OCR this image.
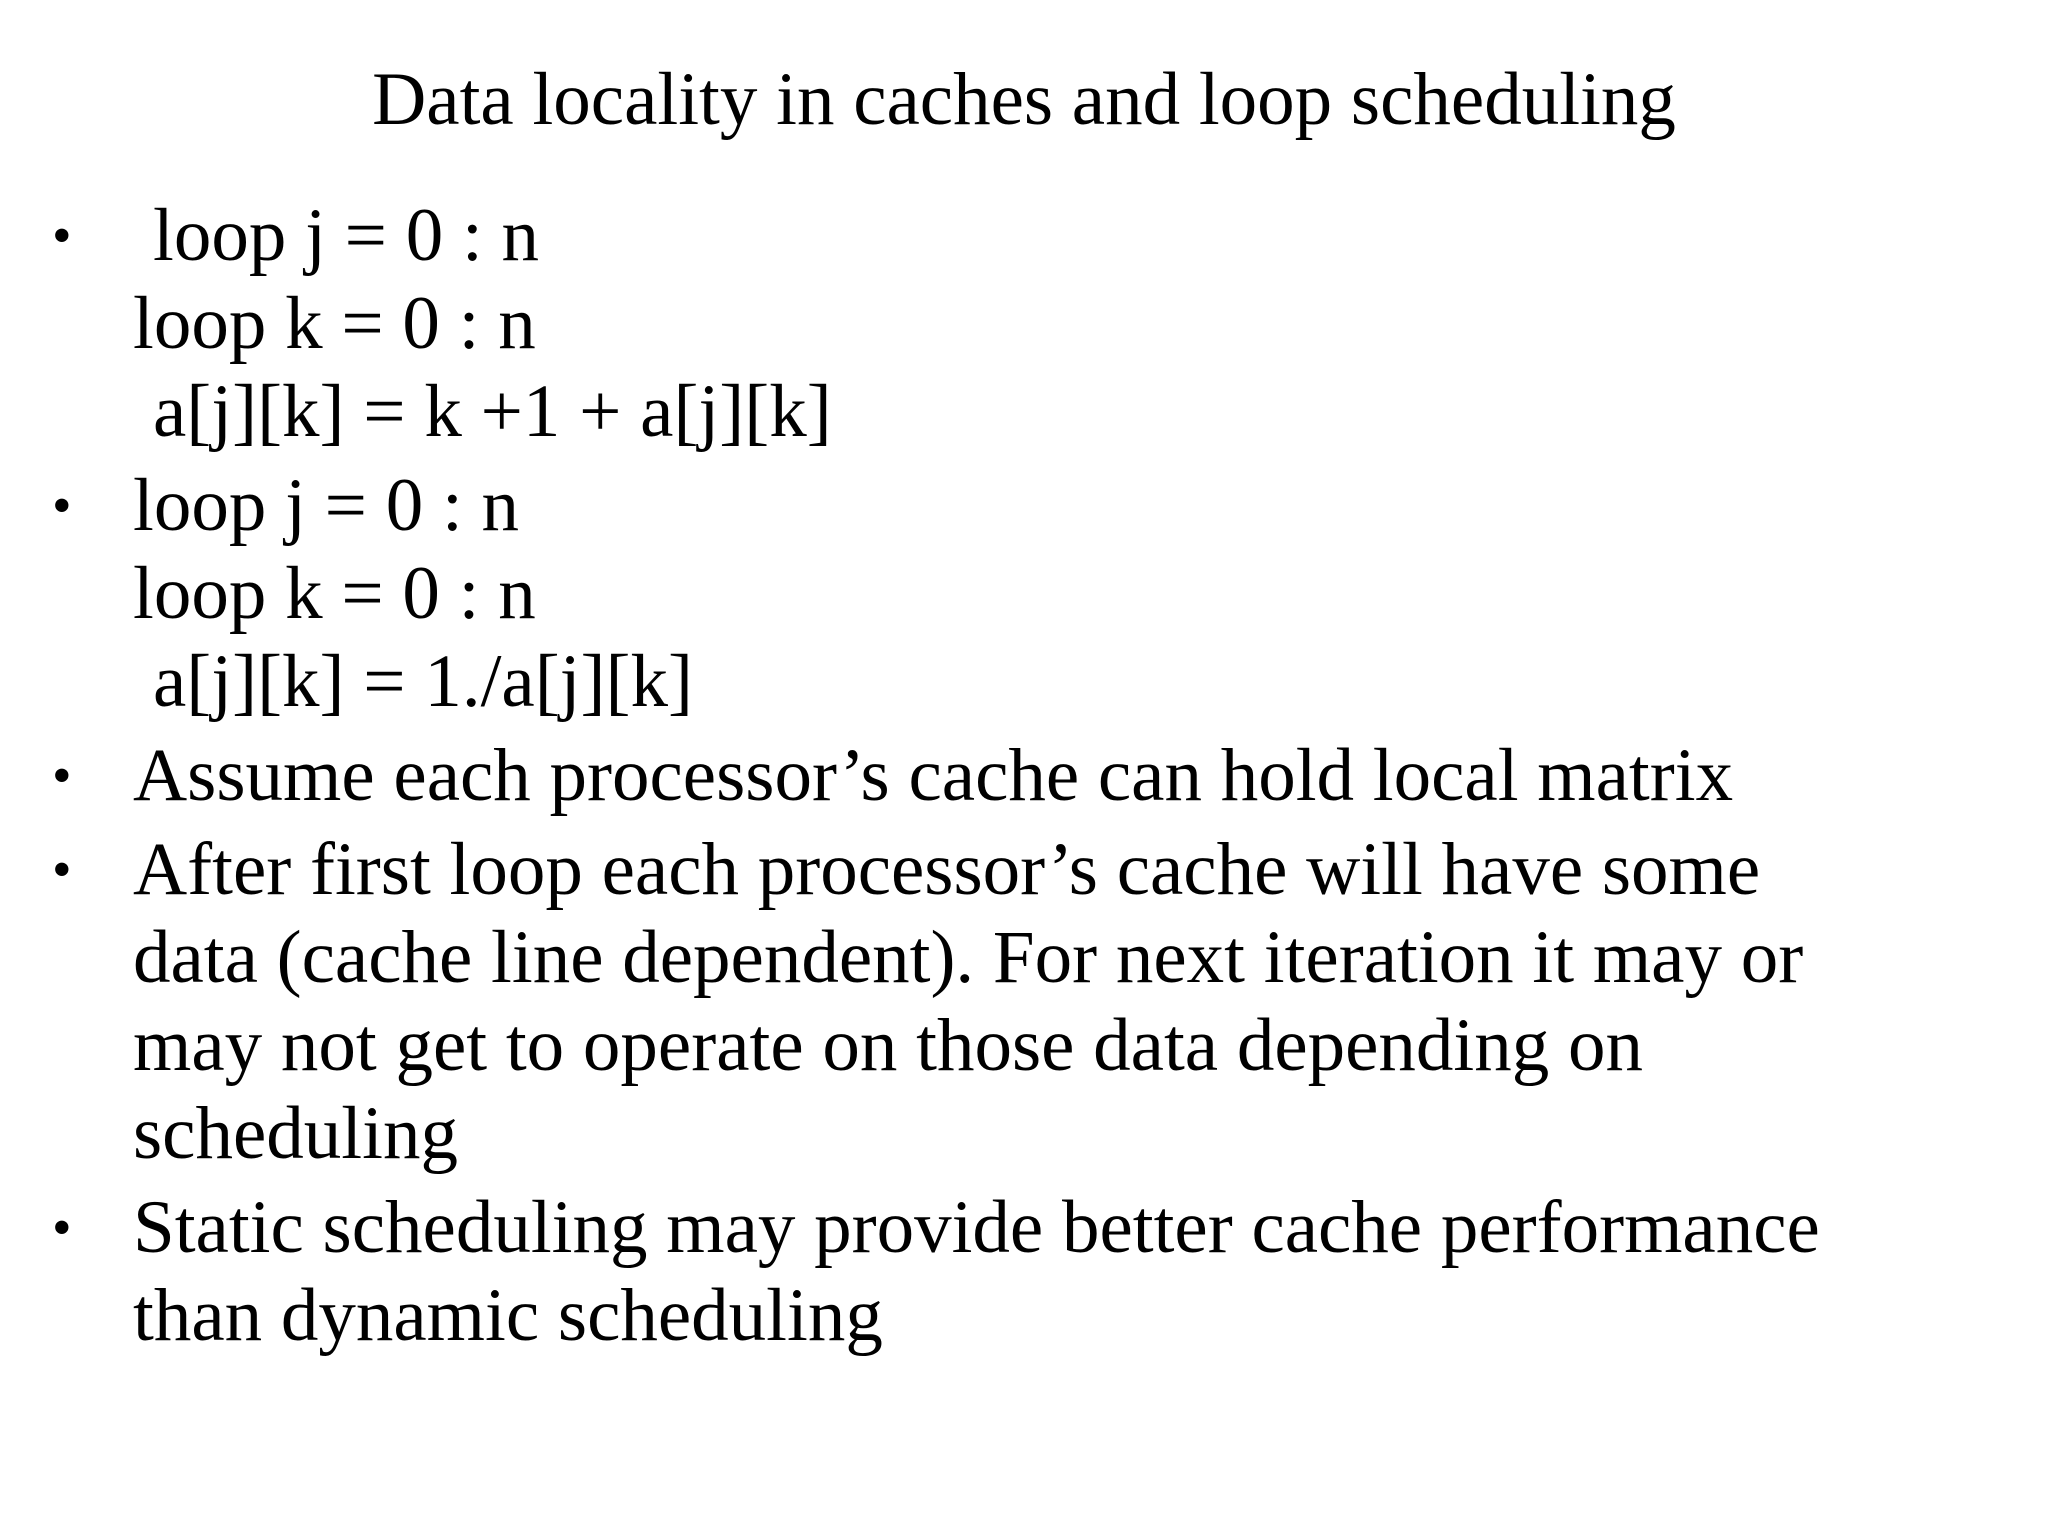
Data locality in caches and loop scheduling
• loop j = 0 : n
loop k = 0 : n
a[j][k] = k +1 + a[j][k]
• loop j = 0 : n
loop k = 0 : n
a[j][k] = 1./a[j][k]
• Assume each processor’s cache can hold local matrix
• After first loop each processor’s cache will have some
data (cache line dependent). For next iteration it may or
may not get to operate on those data depending on
scheduling
• Static scheduling may provide better cache performance
than dynamic scheduling
